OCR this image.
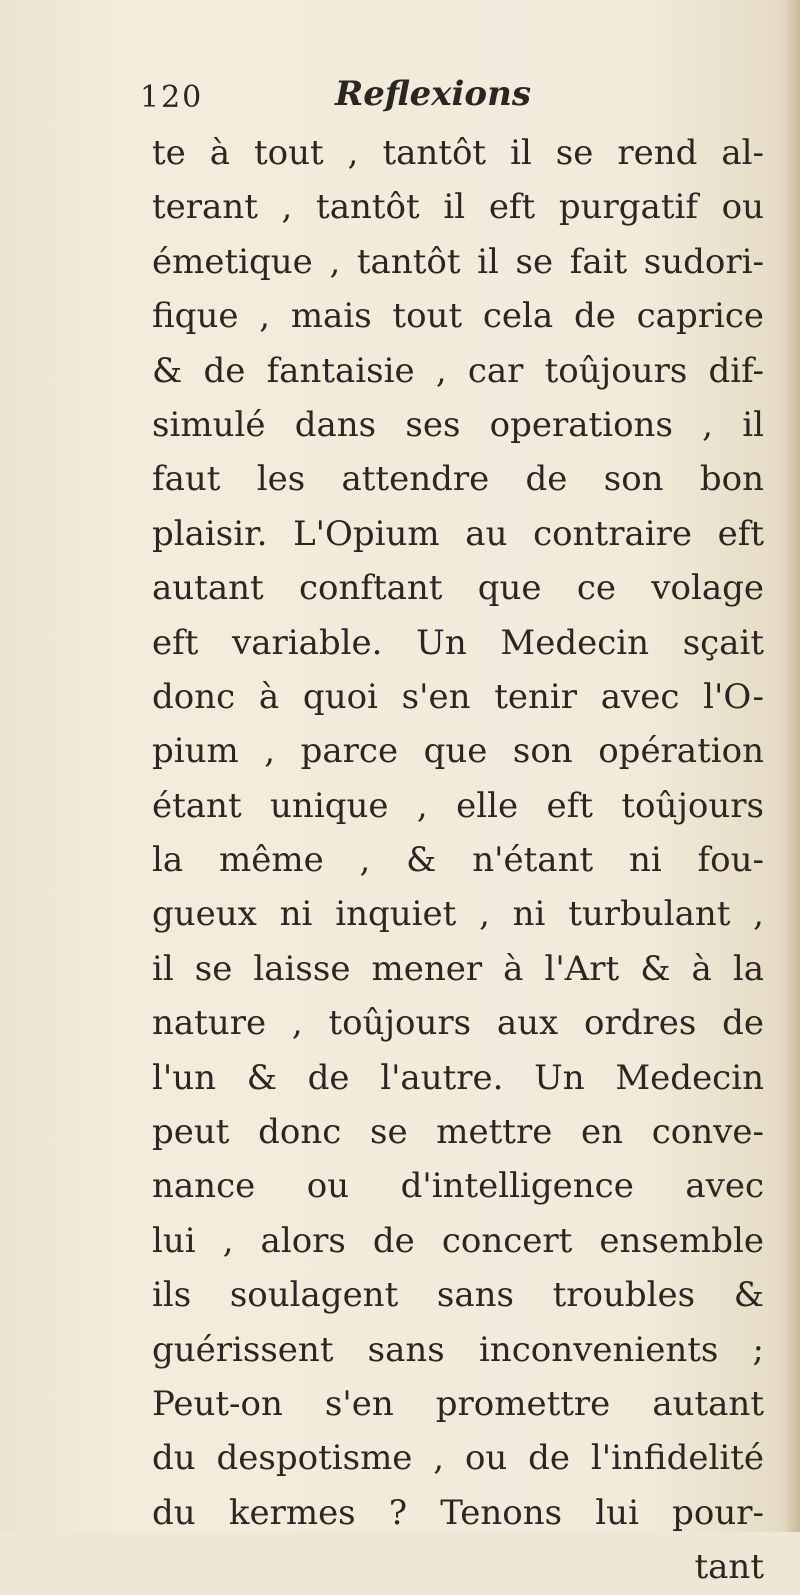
120	Reflexions
te à tout , tantôt il se rend al-
terant , tantôt il eft purgatif ou
émetique , tantôt il se fait sudori-
fique , mais tout cela de caprice
& de fantaisie , car toûjours dif-
simulé dans ses operations , il
faut les attendre de son bon
plaisir. L'Opium au contraire eft
autant conftant que ce volage
eft variable. Un Medecin sçait
donc à quoi s'en tenir avec l'O-
pium , parce que son opération
étant unique , elle eft toûjours
la même , & n'étant ni fou-
gueux ni inquiet , ni turbulant ,
il se laisse mener à l'Art & à la
nature , toûjours aux ordres de
l'un & de l'autre. Un Medecin
peut donc se mettre en conve-
nance ou d'intelligence avec
lui , alors de concert ensemble
ils soulagent sans troubles &
guérissent sans inconvenients ;
Peut-on s'en promettre autant
du despotisme , ou de l'infidelité
du kermes ? Tenons lui pour-
tant
